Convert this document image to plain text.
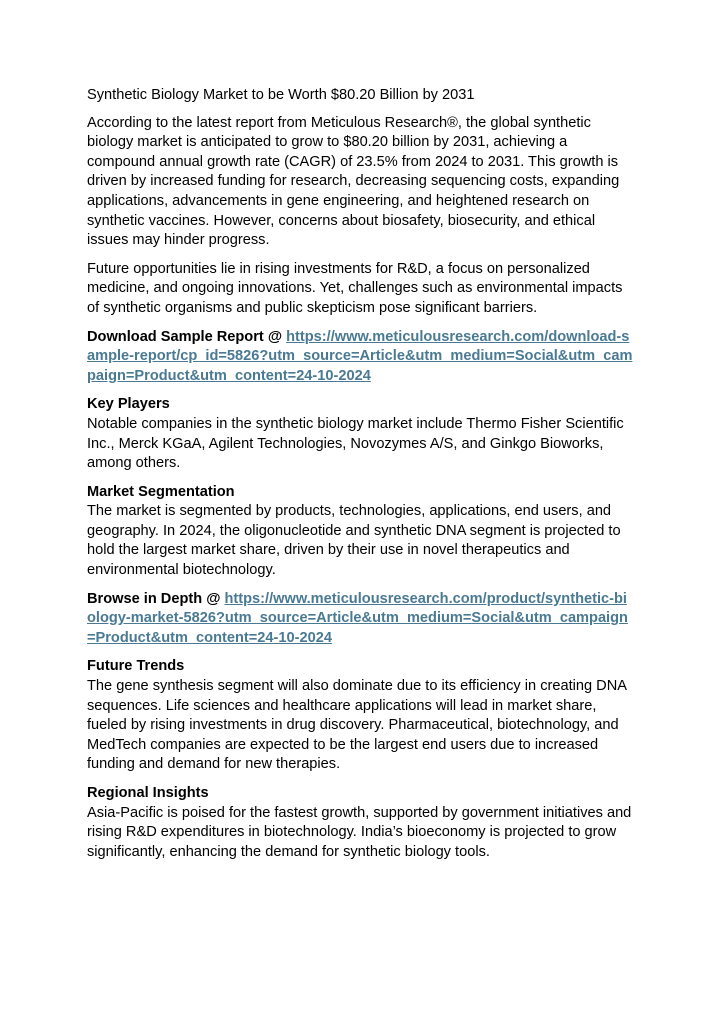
Synthetic Biology Market to be Worth $80.20 Billion by 2031

According to the latest report from Meticulous Research®, the global synthetic biology market is anticipated to grow to $80.20 billion by 2031, achieving a compound annual growth rate (CAGR) of 23.5% from 2024 to 2031. This growth is driven by increased funding for research, decreasing sequencing costs, expanding applications, advancements in gene engineering, and heightened research on synthetic vaccines. However, concerns about biosafety, biosecurity, and ethical issues may hinder progress.

Future opportunities lie in rising investments for R&D, a focus on personalized medicine, and ongoing innovations. Yet, challenges such as environmental impacts of synthetic organisms and public skepticism pose significant barriers.

Download Sample Report @ https://www.meticulousresearch.com/download-sample-report/cp_id=5826?utm_source=Article&utm_medium=Social&utm_campaign=Product&utm_content=24-10-2024

Key Players
Notable companies in the synthetic biology market include Thermo Fisher Scientific Inc., Merck KGaA, Agilent Technologies, Novozymes A/S, and Ginkgo Bioworks, among others.
Market Segmentation
The market is segmented by products, technologies, applications, end users, and geography. In 2024, the oligonucleotide and synthetic DNA segment is projected to hold the largest market share, driven by their use in novel therapeutics and environmental biotechnology.

Browse in Depth @ https://www.meticulousresearch.com/product/synthetic-biology-market-5826?utm_source=Article&utm_medium=Social&utm_campaign=Product&utm_content=24-10-2024

Future Trends
The gene synthesis segment will also dominate due to its efficiency in creating DNA sequences. Life sciences and healthcare applications will lead in market share, fueled by rising investments in drug discovery. Pharmaceutical, biotechnology, and MedTech companies are expected to be the largest end users due to increased funding and demand for new therapies.
Regional Insights
Asia-Pacific is poised for the fastest growth, supported by government initiatives and rising R&D expenditures in biotechnology. India’s bioeconomy is projected to grow significantly, enhancing the demand for synthetic biology tools.
